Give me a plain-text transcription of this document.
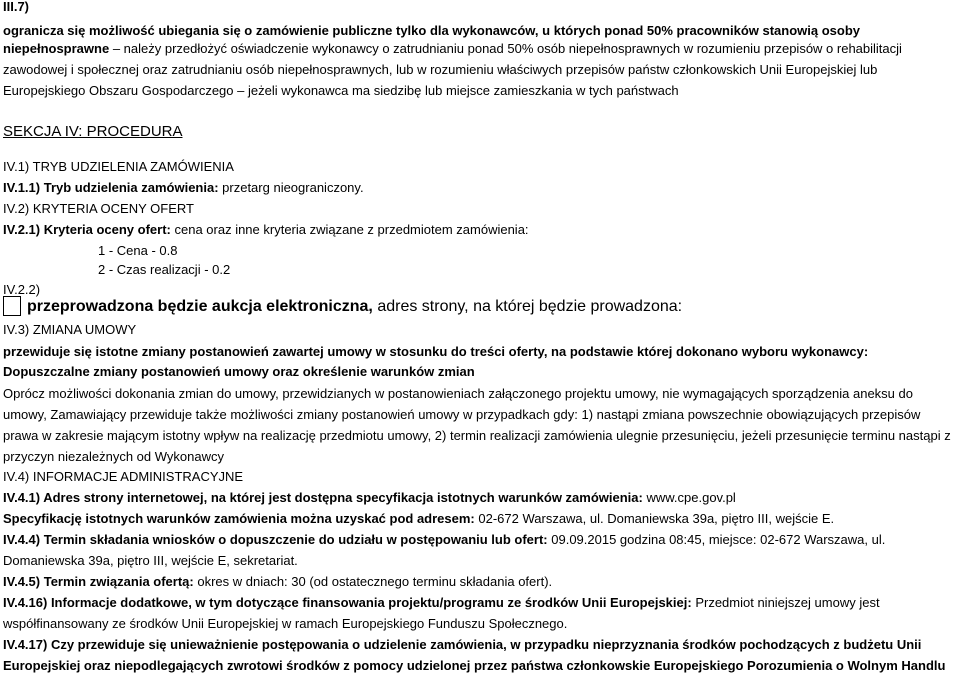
III.7)
ogranicza się możliwość ubiegania się o zamówienie publiczne tylko dla wykonawców, u których ponad 50% pracowników stanowią osoby
niepełnosprawne – należy przedłożyć oświadczenie wykonawcy o zatrudnianiu ponad 50% osób niepełnosprawnych w rozumieniu przepisów o rehabilitacji
zawodowej i społecznej oraz zatrudnianiu osób niepełnosprawnych, lub w rozumieniu właściwych przepisów państw członkowskich Unii Europejskiej lub
Europejskiego Obszaru Gospodarczego – jeżeli wykonawca ma siedzibę lub miejsce zamieszkania w tych państwach
SEKCJA IV: PROCEDURA
IV.1) TRYB UDZIELENIA ZAMÓWIENIA
IV.1.1) Tryb udzielenia zamówienia: przetarg nieograniczony.
IV.2) KRYTERIA OCENY OFERT
IV.2.1) Kryteria oceny ofert: cena oraz inne kryteria związane z przedmiotem zamówienia:
1 - Cena - 0.8
2 - Czas realizacji - 0.2
IV.2.2)
przeprowadzona będzie aukcja elektroniczna, adres strony, na której będzie prowadzona:
IV.3) ZMIANA UMOWY
przewiduje się istotne zmiany postanowień zawartej umowy w stosunku do treści oferty, na podstawie której dokonano wyboru wykonawcy:
Dopuszczalne zmiany postanowień umowy oraz określenie warunków zmian
Oprócz możliwości dokonania zmian do umowy, przewidzianych w postanowieniach załączonego projektu umowy, nie wymagających sporządzenia aneksu do
umowy, Zamawiający przewiduje także możliwości zmiany postanowień umowy w przypadkach gdy: 1) nastąpi zmiana powszechnie obowiązujących przepisów
prawa w zakresie mającym istotny wpływ na realizację przedmiotu umowy, 2) termin realizacji zamówienia ulegnie przesunięciu, jeżeli przesunięcie terminu nastąpi z
przyczyn niezależnych od Wykonawcy
IV.4) INFORMACJE ADMINISTRACYJNE
IV.4.1) Adres strony internetowej, na której jest dostępna specyfikacja istotnych warunków zamówienia: www.cpe.gov.pl
Specyfikację istotnych warunków zamówienia można uzyskać pod adresem: 02-672 Warszawa, ul. Domaniewska 39a, piętro III, wejście E.
IV.4.4) Termin składania wniosków o dopuszczenie do udziału w postępowaniu lub ofert: 09.09.2015 godzina 08:45, miejsce: 02-672 Warszawa, ul.
Domaniewska 39a, piętro III, wejście E, sekretariat.
IV.4.5) Termin związania ofertą: okres w dniach: 30 (od ostatecznego terminu składania ofert).
IV.4.16) Informacje dodatkowe, w tym dotyczące finansowania projektu/programu ze środków Unii Europejskiej: Przedmiot niniejszej umowy jest
współfinansowany ze środków Unii Europejskiej w ramach Europejskiego Funduszu Społecznego.
IV.4.17) Czy przewiduje się unieważnienie postępowania o udzielenie zamówienia, w przypadku nieprzyznania środków pochodzących z budżetu Unii
Europejskiej oraz niepodlegających zwrotowi środków z pomocy udzielonej przez państwa członkowskie Europejskiego Porozumienia o Wolnym Handlu
